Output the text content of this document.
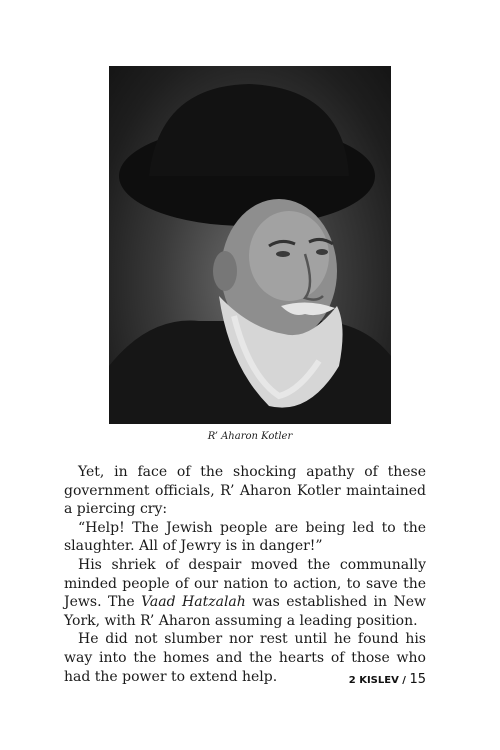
R’ Aharon Kotler

Yet, in face of the shocking apathy of these government officials, R’ Aharon Kotler maintained a piercing cry:

“Help! The Jewish people are being led to the slaughter. All of Jewry is in danger!”

His shriek of despair moved the communally minded people of our nation to action, to save the Jews. The Vaad Hatzalah was established in New York, with R’ Aharon assuming a leading position.

He did not slumber nor rest until he found his way into the homes and the hearts of those who had the power to extend help.	2 KISLEV / 15
